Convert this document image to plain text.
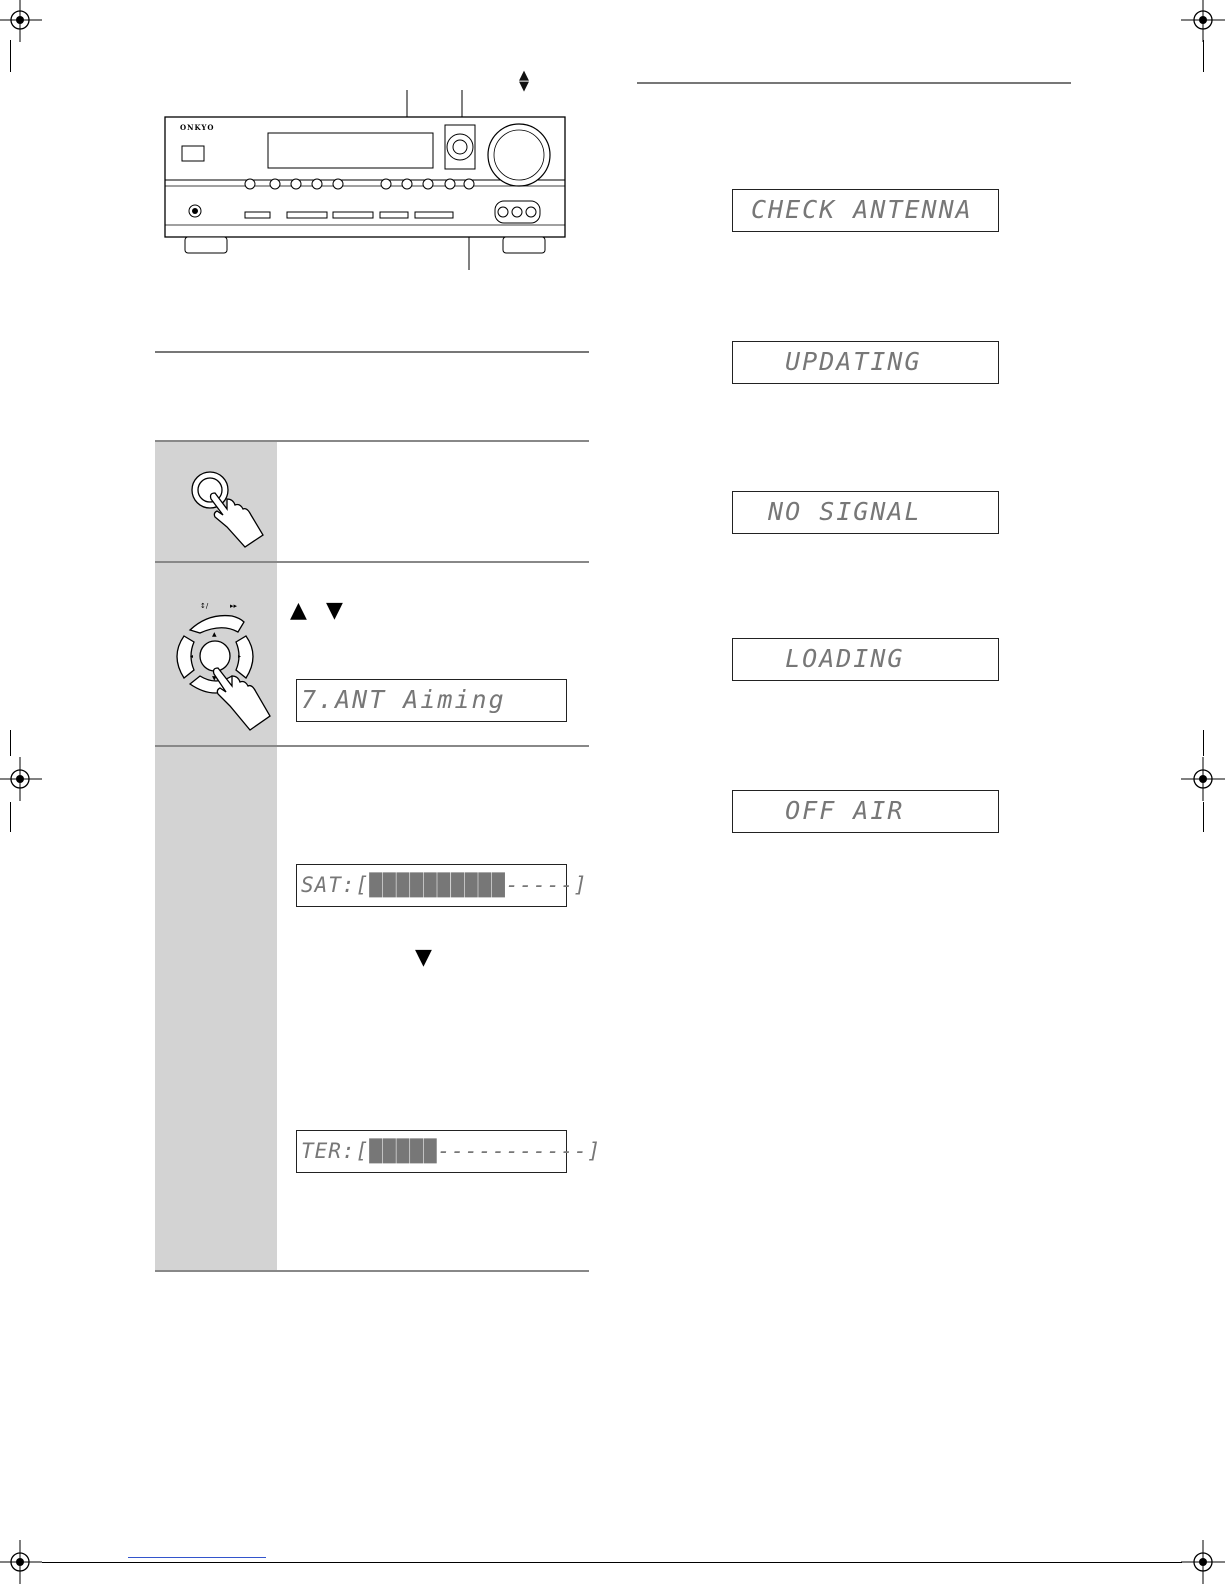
ONKYO
▲
▼
↕/	▸▸
▲
▼
◂	▸
▲ ▼
7.ANT Aiming
SAT:[██████████-----]
▼
TER:[█████-----------]
CHECK ANTENNA
UPDATING
NO SIGNAL
LOADING
OFF AIR
